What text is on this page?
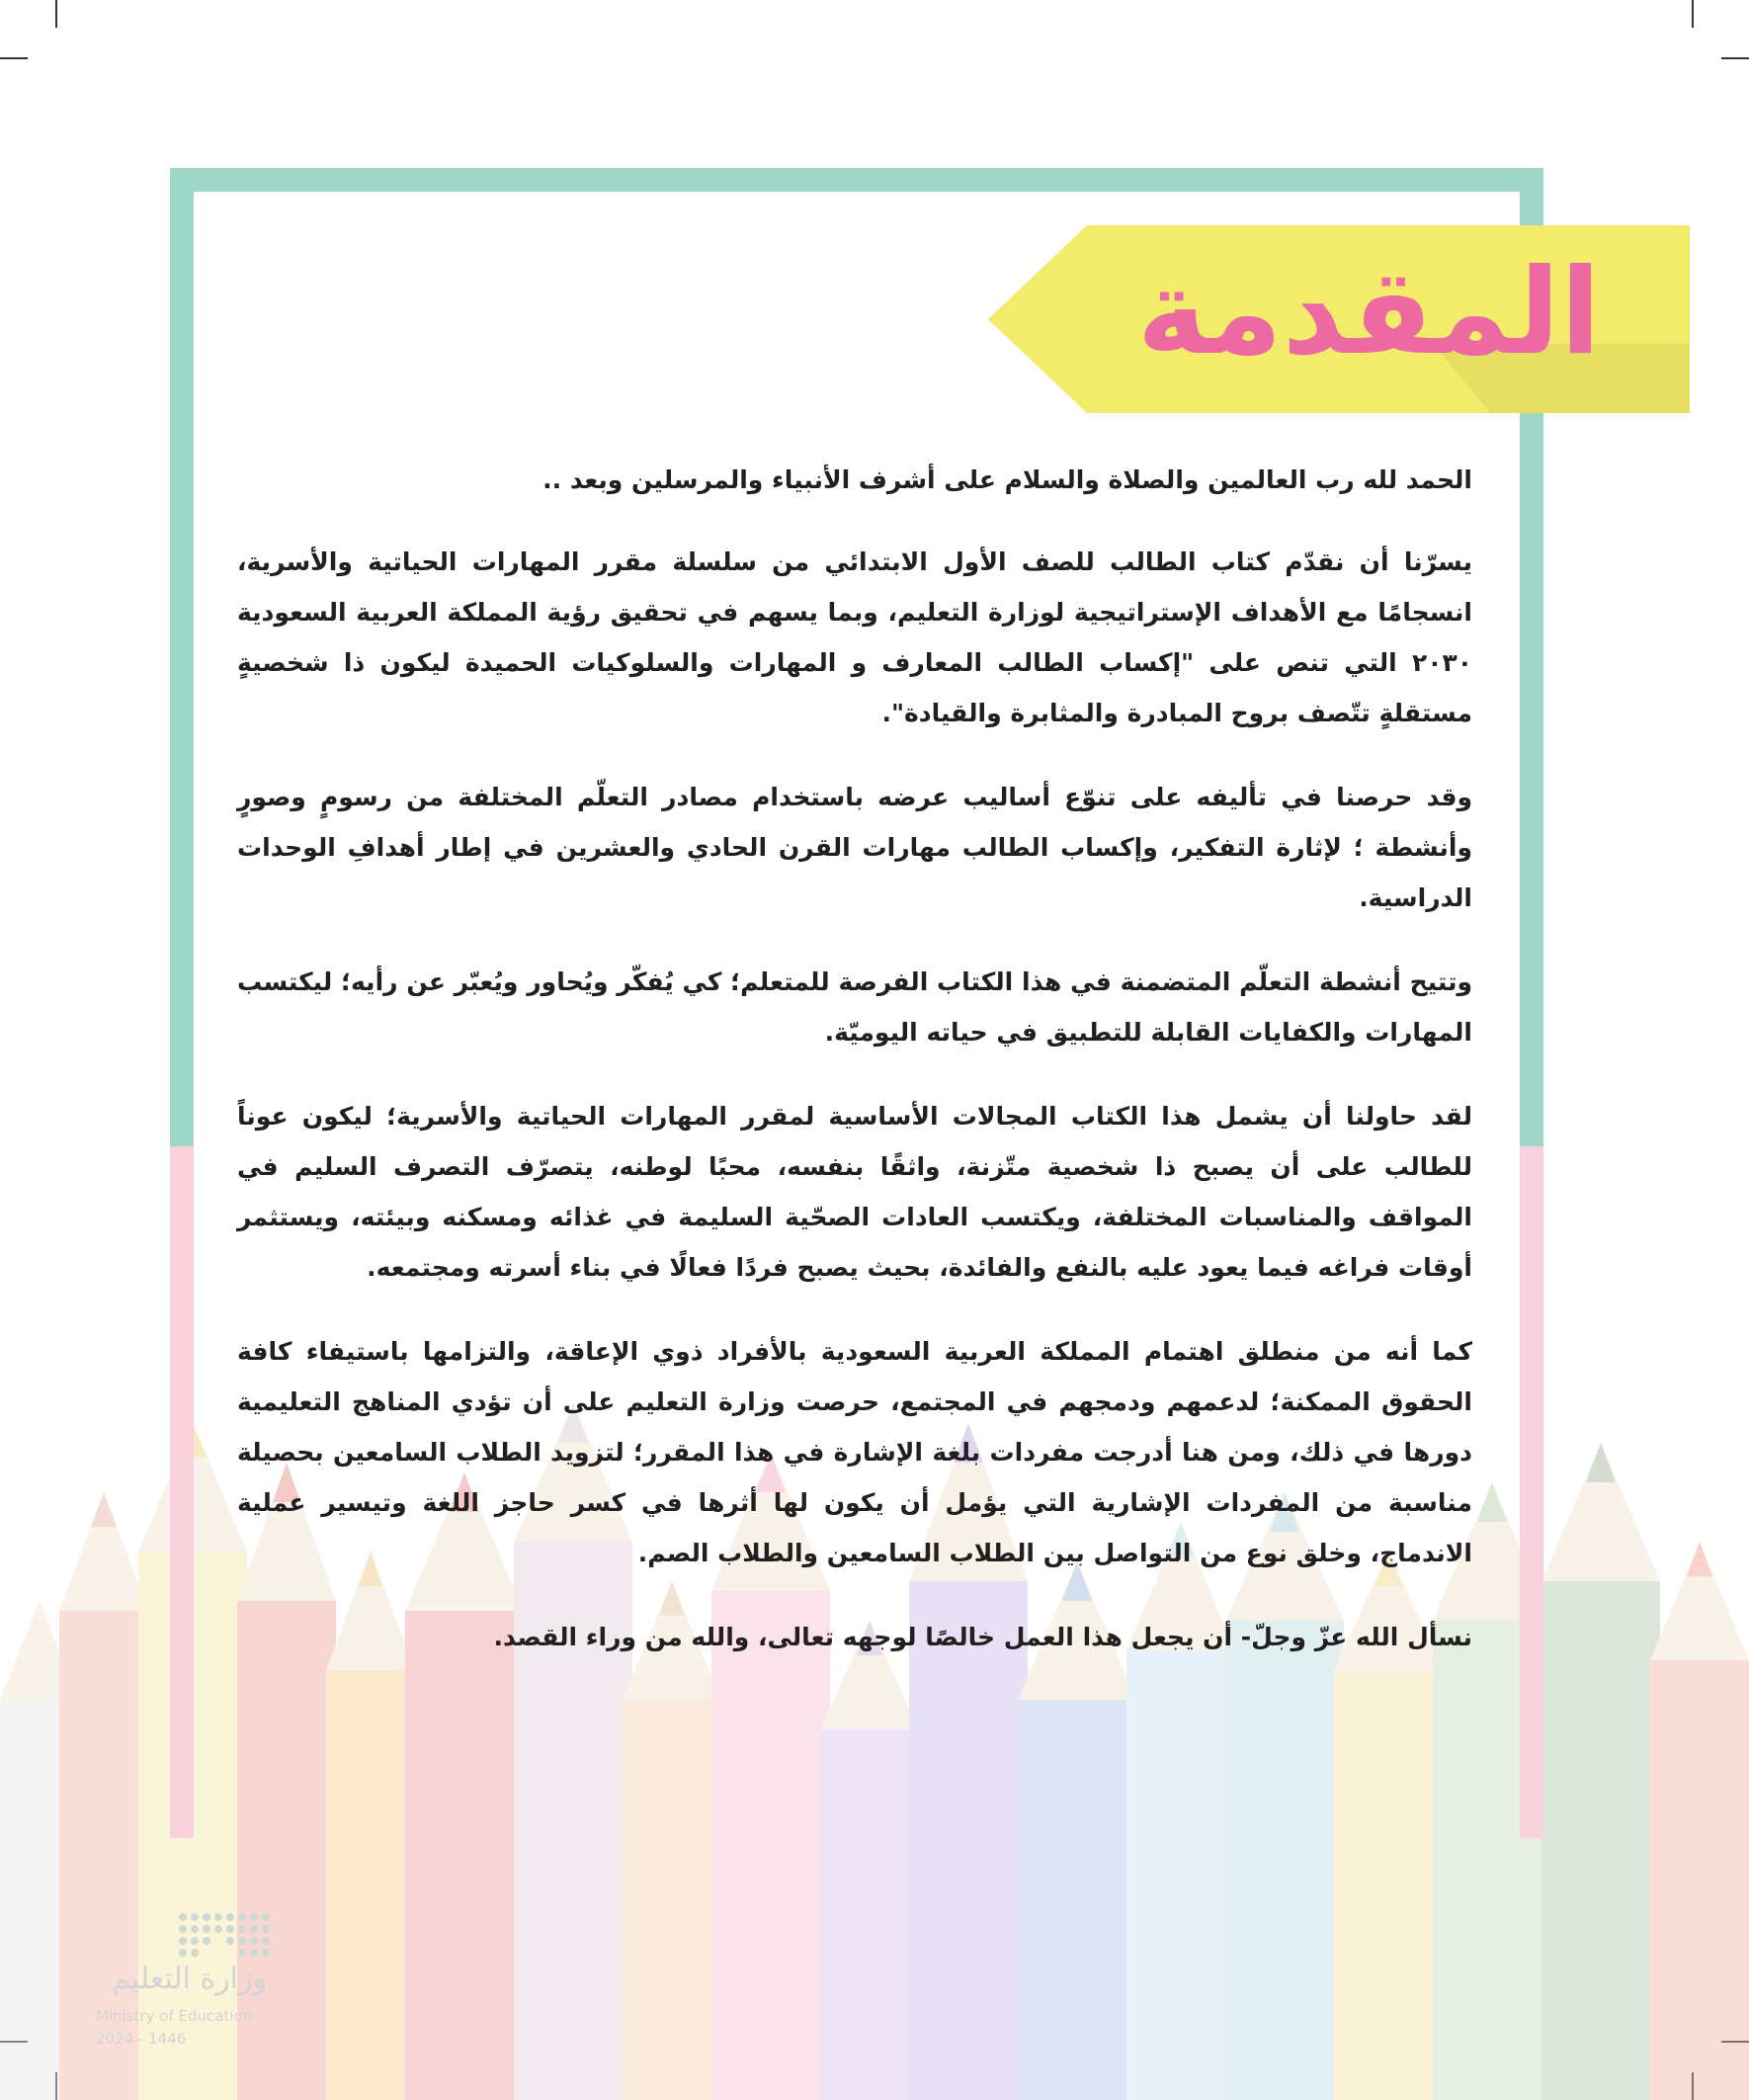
المقدمة

الحمد لله رب العالمين والصلاة والسلام على أشرف الأنبياء والمرسلين وبعد ..

يسرّنا أن نقدّم كتاب الطالب للصف الأول الابتدائي من سلسلة مقرر المهارات الحياتية والأسرية، انسجامًا مع الأهداف الإستراتيجية لوزارة التعليم، وبما يسهم في تحقيق رؤية المملكة العربية السعودية ٢٠٣٠ التي تنص على "إكساب الطالب المعارف و المهارات والسلوكيات الحميدة ليكون ذا شخصيةٍ مستقلةٍ تتّصف بروح المبادرة والمثابرة والقيادة".

وقد حرصنا في تأليفه على تنوّع أساليب عرضه باستخدام مصادر التعلّم المختلفة من رسومٍ وصورٍ وأنشطة ؛ لإثارة التفكير، وإكساب الطالب مهارات القرن الحادي والعشرين في إطار أهدافِ الوحدات الدراسية.

وتتيح أنشطة التعلّم المتضمنة في هذا الكتاب الفرصة للمتعلم؛ كي يُفكّر ويُحاور ويُعبّر عن رأيه؛ ليكتسب المهارات والكفايات القابلة للتطبيق في حياته اليوميّة.

لقد حاولنا أن يشمل هذا الكتاب المجالات الأساسية لمقرر المهارات الحياتية والأسرية؛ ليكون عوناً للطالب على أن يصبح ذا شخصية متّزنة، واثقًا بنفسه، محبًا لوطنه، يتصرّف التصرف السليم في المواقف والمناسبات المختلفة، ويكتسب العادات الصحّية السليمة في غذائه ومسكنه وبيئته، ويستثمر أوقات فراغه فيما يعود عليه بالنفع والفائدة، بحيث يصبح فردًا فعالًا في بناء أسرته ومجتمعه.

كما أنه من منطلق اهتمام المملكة العربية السعودية بالأفراد ذوي الإعاقة، والتزامها باستيفاء كافة الحقوق الممكنة؛ لدعمهم ودمجهم في المجتمع، حرصت وزارة التعليم على أن تؤدي المناهج التعليمية دورها في ذلك، ومن هنا أدرجت مفردات بلغة الإشارة في هذا المقرر؛ لتزويد الطلاب السامعين بحصيلة مناسبة من المفردات الإشارية التي يؤمل أن يكون لها أثرها في كسر حاجز اللغة وتيسير عملية الاندماج، وخلق نوع من التواصل بين الطلاب السامعين والطلاب الصم.

نسأل الله عزّ وجلّ- أن يجعل هذا العمل خالصًا لوجهه تعالى، والله من وراء القصد.

وزارة التعليم
Ministry of Education
2024 - 1446
